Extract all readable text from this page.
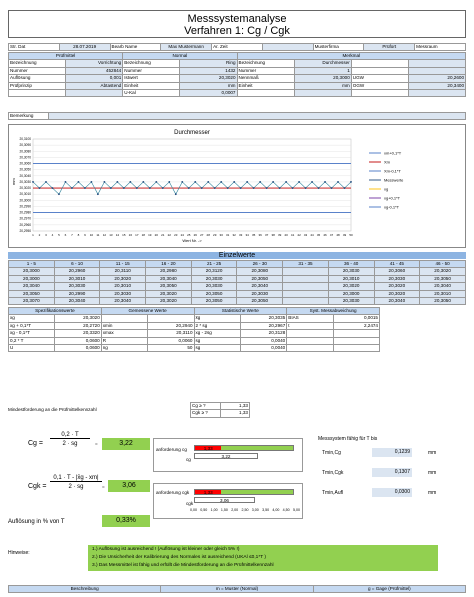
Messsystemanalyse
Verfahren 1: Cg / Cgk
Str. Dat	28.07.2019	Bearb Name	Max Mustermann	Ar. Zeit		Musterfirma	Prüfort	Messraum
Prüfmittel		Normal		Merkmal			
Bezeichnung	Vorrichtung	Bezeichnung	Ring	Bezeichnung	Durchmesser		
Nummer	452844	Nummer	1432	Nummer	1		
Auflösung	0,001	Istwert	20,3020	Nennmaß	20,3000	UGW	20,2600
Prüfprinzip	Abtastend	Einheit	mm	Einheit	mm	OGW	20,3400
		U-Kal	0,0007				
Bemerkung	
Durchmesser
20,2950
20,2960
20,2970
20,2980
20,2990
20,3000
20,3010
20,3020
20,3030
20,3040
20,3050
20,3060
20,3070
20,3080
20,3090
20,3100
1 2 3 4 5 6 7 8 9 10 11 12 13 14 15 16 17 18 19 20 21 22 23 24 25 26 27 28 29 30 31 32 33 34 35 36 37 38 39 40 41 42 43 44 45 46 47 48 49 50
Wert Nr. ->
mm
xm+0,1*T
Xm
Xm-0,1*T
Messwerte
xg
xg+0,1*T
xg-0,1*T
Einzelwerte
1 - 5	6 - 10	11 - 15	16 - 20	21 - 25	26 - 30	31 - 35	36 - 40	41 - 45	46 - 50
20,3000	20,2960	20,3110	20,2980	20,3120	20,3080		20,3030	20,3060	20,3020
20,3000	20,3010	20,3020	20,3040	20,3030	20,3050		20,3010	20,3030	20,3050
20,3040	20,3030	20,3010	20,3050	20,3030	20,3040		20,3020	20,3020	20,3040
20,3050	20,2990	20,3030	20,3020	20,3050	20,3030		20,3000	20,3020	20,3010
20,3070	20,3040	20,3040	20,3020	20,3050	20,3050		20,3030	20,3040	20,3050
Spezifikationswerte		Gemessene Werte		Statistische Werte		Syst. Messabweichung	
xg	20,3020			x̄g	20,3035	BIAS	0,0015
xg + 0,1*T	20,2720	xmin	20,2940	2 * sg	20,2967	t	2,2474
xg - 0,1*T	20,3320	xmax	20,3110	xg - 2sg	20,3128		
0,2 * T	0,0600	R	0,0060	sg	0,0040		
U	0,0600	ng	50	sg	0,0040		
Mindestforderung an die Prüfmittelkennzahl
Cg ≥ ?	1,33
Cgk ≥ ?	1,33
Cg =
0,2 · T
2 · sg	=	3,22
Cgk =
0,1 · T - |x̄g - xm|
2 · sg	=	3,06
Auflösung in % von T	0,33%
anforderung cg
cg
1,33
3,22
anforderung cgk
cgk
1,33
3,06
0,00 0,50 1,00 1,50 2,00 2,50 3,00 3,50 4,00 4,50 5,00
Messsystem fähig für T bis
Tmin,Cg	0,1239	mm
Tmin,Cgk	0,1307	mm
Tmin,Aufl	0,0300	mm
Hinweise:
1.) Auflösung ist ausreichend ! (Auflösung ist kleiner oder gleich 5% !)
2.) Die Unsicherheit der Kalibrierung des Normales ist ausreichend (UKAl ≤0,1*T )
3.) Das Messmittel ist fähig und erfüllt die Mindestforderung an die Prüfmittelkennzahl
Beschreibung	m = Muster (Normal)	g = Gage (Prüfmittel)
